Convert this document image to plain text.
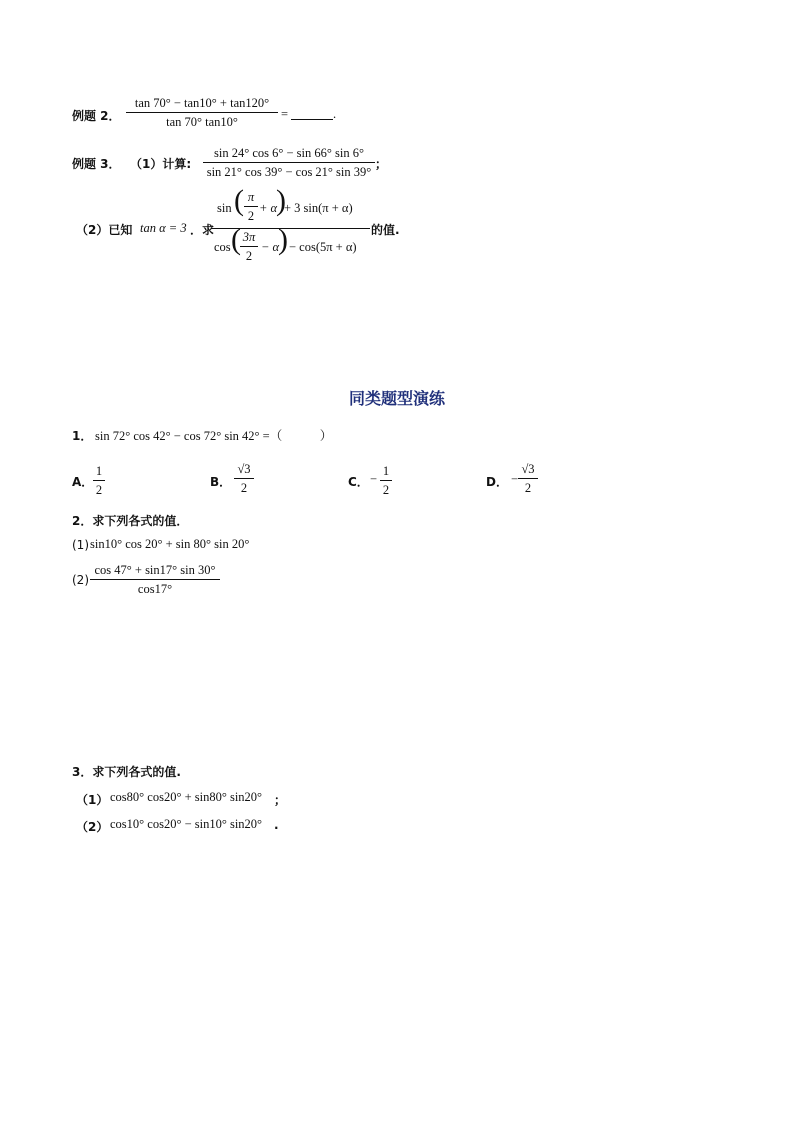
例题 2．
tan 70° − tan10° + tan120°
tan 70° tan10°
=	.
例题 3． （1）计算:
sin 24° cos 6° − sin 66° sin 6°
sin 21° cos 39° − cos 21° sin 39°
；
（2）已知 tan α = 3 ．求
sin ( π
2
+ α
)
+ 3 sin(π + α)
cos ( 3π
2
− α
) − cos(5π + α)
的值.
同类题型演练
1． sin 72° cos 42° − cos 72° sin 42° =（　　　）
A．
1
2
B．
√3
2	C． −
1
2
D． −
√3
2
2．求下列各式的值．
(1) sin10° cos 20° + sin 80° sin 20°
(2)
cos 47° + sin17° sin 30°
cos17°
3．求下列各式的值.
（1） cos80° cos20° + sin80° sin20° ；
（2） cos10° cos20° − sin10° sin20° .
